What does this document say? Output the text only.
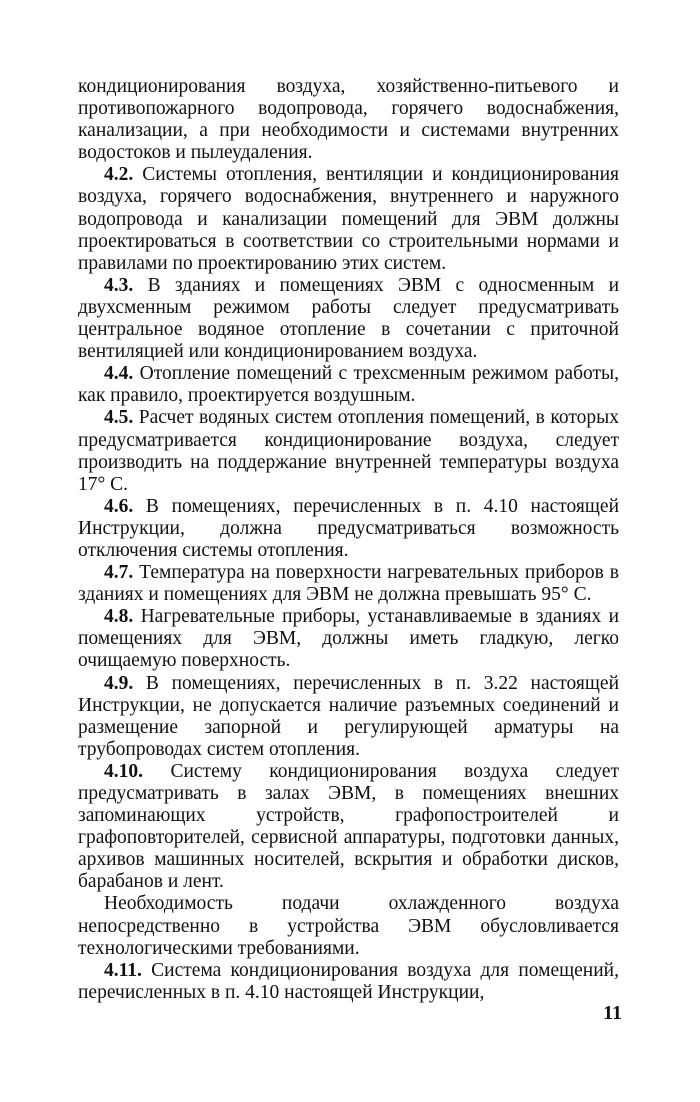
кондиционирования воздуха, хозяйственно-питьевого и противопожарного водопровода, горячего водоснабжения, канализации, а при необходимости и системами внутренних водостоков и пылеудаления.

4.2. Системы отопления, вентиляции и кондиционирования воздуха, горячего водоснабжения, внутреннего и наружного водопровода и канализации помещений для ЭВМ должны проектироваться в соответствии со строительными нормами и правилами по проектированию этих систем.

4.3. В зданиях и помещениях ЭВМ с односменным и двухсменным режимом работы следует предусматривать центральное водяное отопление в сочетании с приточной вентиляцией или кондиционированием воздуха.

4.4. Отопление помещений с трехсменным режимом работы, как правило, проектируется воздушным.

4.5. Расчет водяных систем отопления помещений, в которых предусматривается кондиционирование воздуха, следует производить на поддержание внутренней температуры воздуха 17° С.

4.6. В помещениях, перечисленных в п. 4.10 настоящей Инструкции, должна предусматриваться возможность отключения системы отопления.

4.7. Температура на поверхности нагревательных приборов в зданиях и помещениях для ЭВМ не должна превышать 95° С.

4.8. Нагревательные приборы, устанавливаемые в зданиях и помещениях для ЭВМ, должны иметь гладкую, легко очищаемую поверхность.

4.9. В помещениях, перечисленных в п. 3.22 настоящей Инструкции, не допускается наличие разъемных соединений и размещение запорной и регулирующей арматуры на трубопроводах систем отопления.

4.10. Систему кондиционирования воздуха следует предусматривать в залах ЭВМ, в помещениях внешних запоминающих устройств, графопостроителей и графоповторителей, сервисной аппаратуры, подготовки данных, архивов машинных носителей, вскрытия и обработки дисков, барабанов и лент.

Необходимость подачи охлажденного воздуха непосредственно в устройства ЭВМ обусловливается технологическими требованиями.

4.11. Система кондиционирования воздуха для помещений, перечисленных в п. 4.10 настоящей Инструкции,

11
